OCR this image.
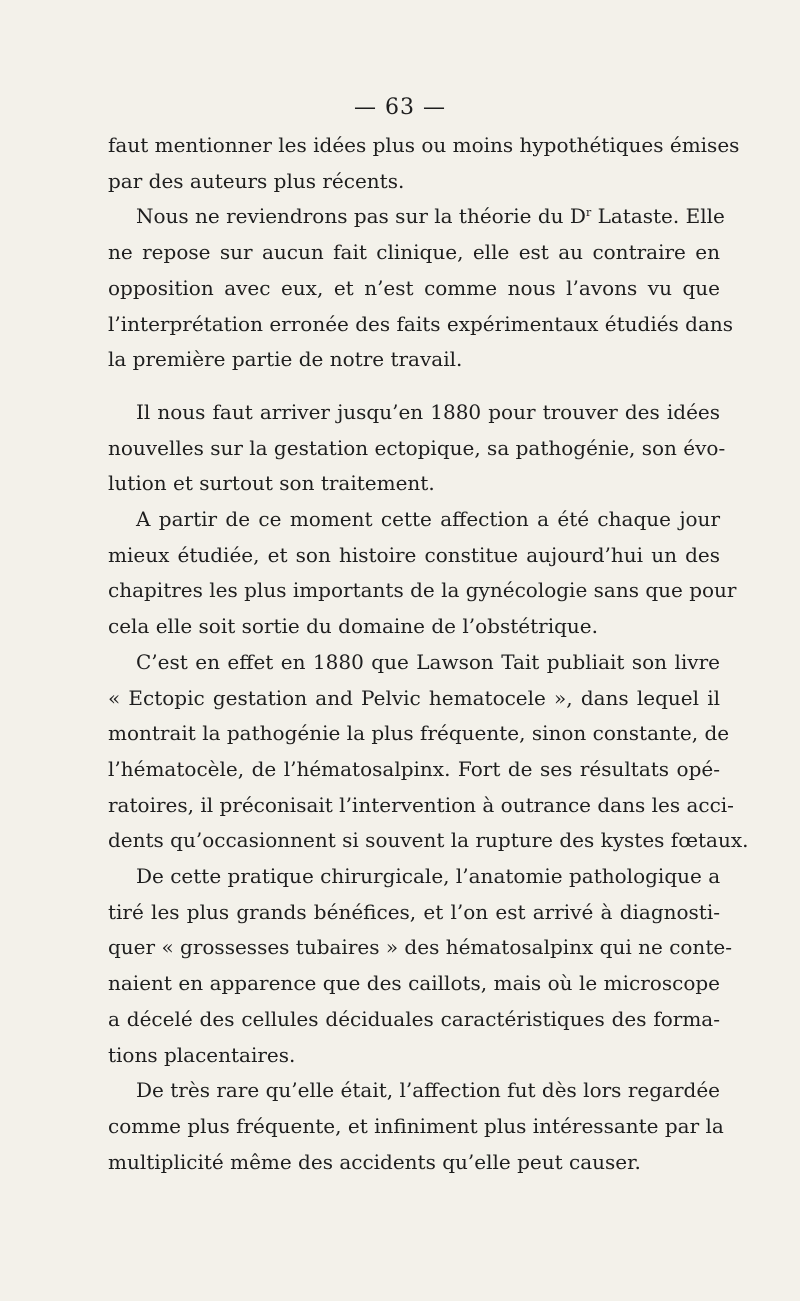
— 63 —

faut mentionner les idées plus ou moins hypothétiques émises
par des auteurs plus récents.

Nous ne reviendrons pas sur la théorie du $D^r$ Lataste. Elle
ne repose sur aucun fait clinique, elle est au contraire en
opposition avec eux, et n’est comme nous l’avons vu que
l’interprétation erronée des faits expérimentaux étudiés dans
la première partie de notre travail.

Il nous faut arriver jusqu’en 1880 pour trouver des idées
nouvelles sur la gestation ectopique, sa pathogénie, son évo-
lution et surtout son traitement.

A partir de ce moment cette affection a été chaque jour
mieux étudiée, et son histoire constitue aujourd’hui un des
chapitres les plus importants de la gynécologie sans que pour
cela elle soit sortie du domaine de l’obstétrique.

C’est en effet en 1880 que Lawson Tait publiait son livre
« Ectopic gestation and Pelvic hematocele », dans lequel il
montrait la pathogénie la plus fréquente, sinon constante, de
l’hématocèle, de l’hématosalpinx. Fort de ses résultats opé-
ratoires, il préconisait l’intervention à outrance dans les acci-
dents qu’occasionnent si souvent la rupture des kystes fœtaux.

De cette pratique chirurgicale, l’anatomie pathologique a
tiré les plus grands bénéfices, et l’on est arrivé à diagnosti-
quer « grossesses tubaires » des hématosalpinx qui ne conte-
naient en apparence que des caillots, mais où le microscope
a décelé des cellules déciduales caractéristiques des forma-
tions placentaires.

De très rare qu’elle était, l’affection fut dès lors regardée
comme plus fréquente, et infiniment plus intéressante par la
multiplicité même des accidents qu’elle peut causer.
